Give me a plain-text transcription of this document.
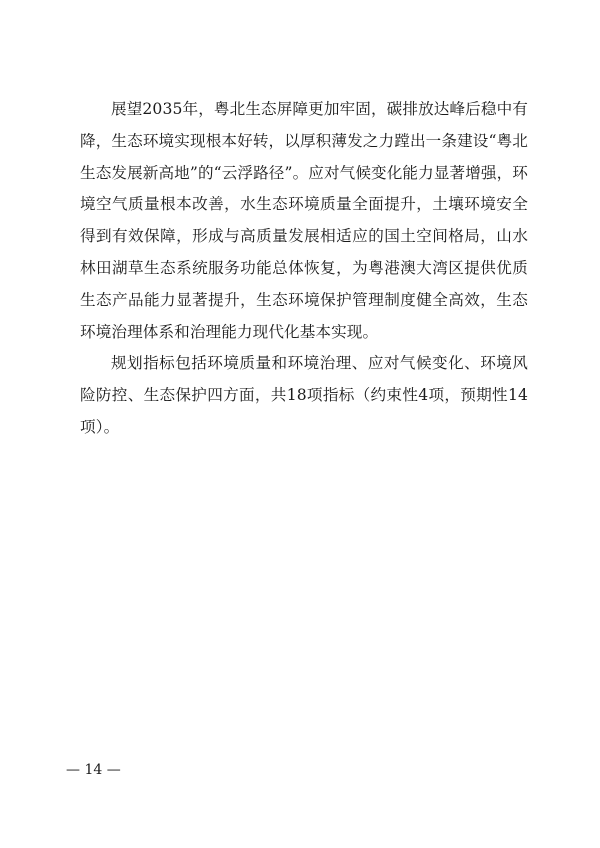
展望2035年，粤北生态屏障更加牢固，碳排放达峰后稳中有降，生态环境实现根本好转，以厚积薄发之力蹚出一条建设“粤北生态发展新高地”的“云浮路径”。应对气候变化能力显著增强，环境空气质量根本改善，水生态环境质量全面提升，土壤环境安全得到有效保障，形成与高质量发展相适应的国土空间格局，山水林田湖草生态系统服务功能总体恢复，为粤港澳大湾区提供优质生态产品能力显著提升，生态环境保护管理制度健全高效，生态环境治理体系和治理能力现代化基本实现。

规划指标包括环境质量和环境治理、应对气候变化、环境风险防控、生态保护四方面，共18项指标（约束性4项，预期性14项）。

— 14 —
